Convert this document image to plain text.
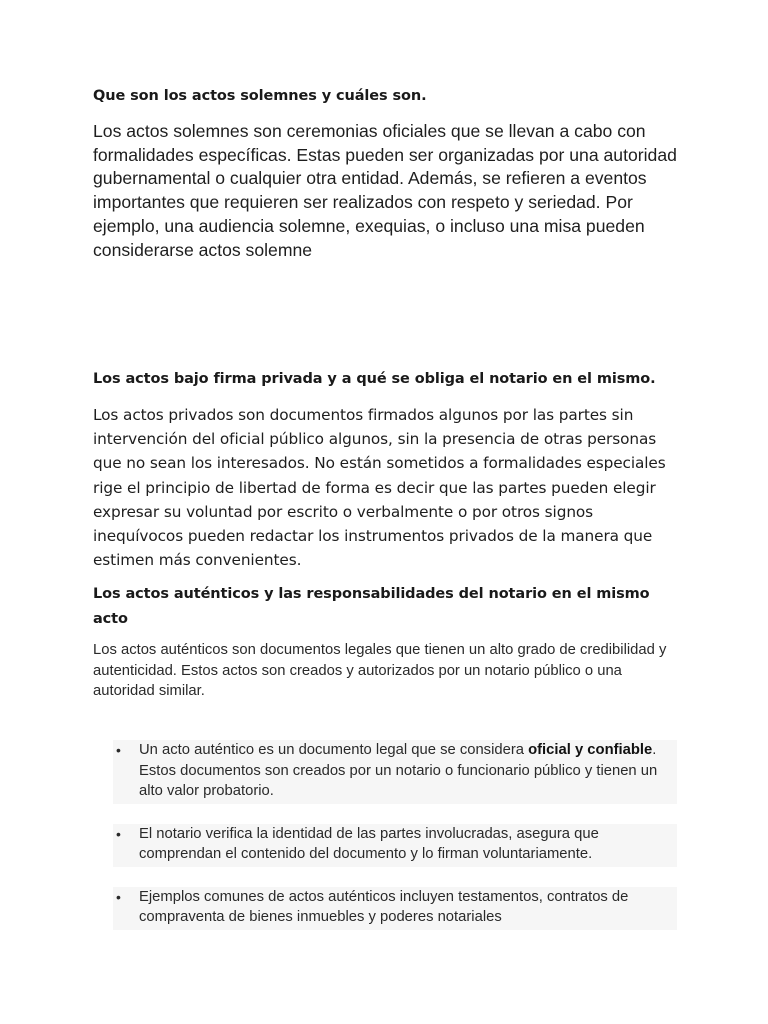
Que son los actos solemnes y cuáles son.

Los actos solemnes son ceremonias oficiales que se llevan a cabo con formalidades específicas. Estas pueden ser organizadas por una autoridad gubernamental o cualquier otra entidad. Además, se refieren a eventos importantes que requieren ser realizados con respeto y seriedad. Por ejemplo, una audiencia solemne, exequias, o incluso una misa pueden considerarse actos solemne

Los actos bajo firma privada y a qué se obliga el notario en el mismo.

Los actos privados son documentos firmados algunos por las partes sin intervención del oficial público algunos, sin la presencia de otras personas que no sean los interesados. No están sometidos a formalidades especiales rige el principio de libertad de forma es decir que las partes pueden elegir expresar su voluntad por escrito o verbalmente o por otros signos inequívocos pueden redactar los instrumentos privados de la manera que estimen más convenientes.

Los actos auténticos y las responsabilidades del notario en el mismo acto

Los actos auténticos son documentos legales que tienen un alto grado de credibilidad y autenticidad. Estos actos son creados y autorizados por un notario público o una autoridad similar.

• Un acto auténtico es un documento legal que se considera oficial y confiable. Estos documentos son creados por un notario o funcionario público y tienen un alto valor probatorio.
• El notario verifica la identidad de las partes involucradas, asegura que comprendan el contenido del documento y lo firman voluntariamente.
• Ejemplos comunes de actos auténticos incluyen testamentos, contratos de compraventa de bienes inmuebles y poderes notariales
